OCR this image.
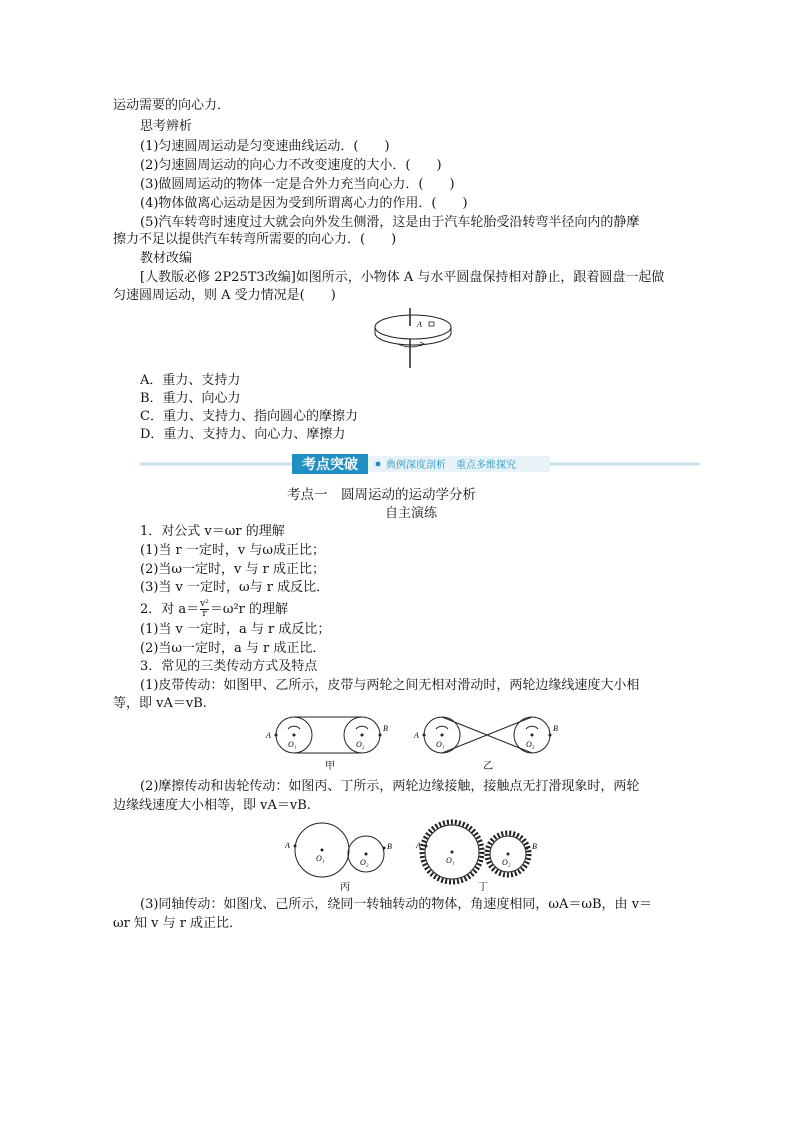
运动需要的向心力．
思考辨析
(1)匀速圆周运动是匀变速曲线运动．(　　)
(2)匀速圆周运动的向心力不改变速度的大小．(　　)
(3)做圆周运动的物体一定是合外力充当向心力．(　　)
(4)物体做离心运动是因为受到所谓离心力的作用．(　　)
(5)汽车转弯时速度过大就会向外发生侧滑，这是由于汽车轮胎受沿转弯半径向内的静摩
擦力不足以提供汽车转弯所需要的向心力．(　　)
教材改编
[人教版必修 2P25T3改编]如图所示，小物体 A 与水平圆盘保持相对静止，跟着圆盘一起做
匀速圆周运动，则 A 受力情况是(　　)
A
A．重力、支持力
B．重力、向心力
C．重力、支持力、指向圆心的摩擦力
D．重力、支持力、向心力、摩擦力
考点突破	典例深度剖析　重点多维探究
考点一　圆周运动的运动学分析
自主演练
1．对公式 v＝ωr 的理解
(1)当 r 一定时，v 与ω成正比；
(2)当ω一定时，v 与 r 成正比；
(3)当 v 一定时，ω与 r 成反比．
2．对 $a= \frac{\text{v²}}{r} =\omega^2r$ 的理解
(1)当 v 一定时，a 与 r 成反比；
(2)当ω一定时，a 与 r 成正比．
3．常见的三类传动方式及特点
(1)皮带传动：如图甲、乙所示，皮带与两轮之间无相对滑动时，两轮边缘线速度大小相
等，即 vA＝vB.
A
B
O₁	O₂
甲
A
B
O₁	O₂
乙
(2)摩擦传动和齿轮传动：如图丙、丁所示，两轮边缘接触，接触点无打滑现象时，两轮
边缘线速度大小相等，即 vA＝vB.
A	B
O₁	O₂
丙
A	B
O₁	O₂
丁
(3)同轴传动：如图戊、己所示，绕同一转轴转动的物体，角速度相同，ωA＝ωB，由 v＝
ωr 知 v 与 r 成正比．
